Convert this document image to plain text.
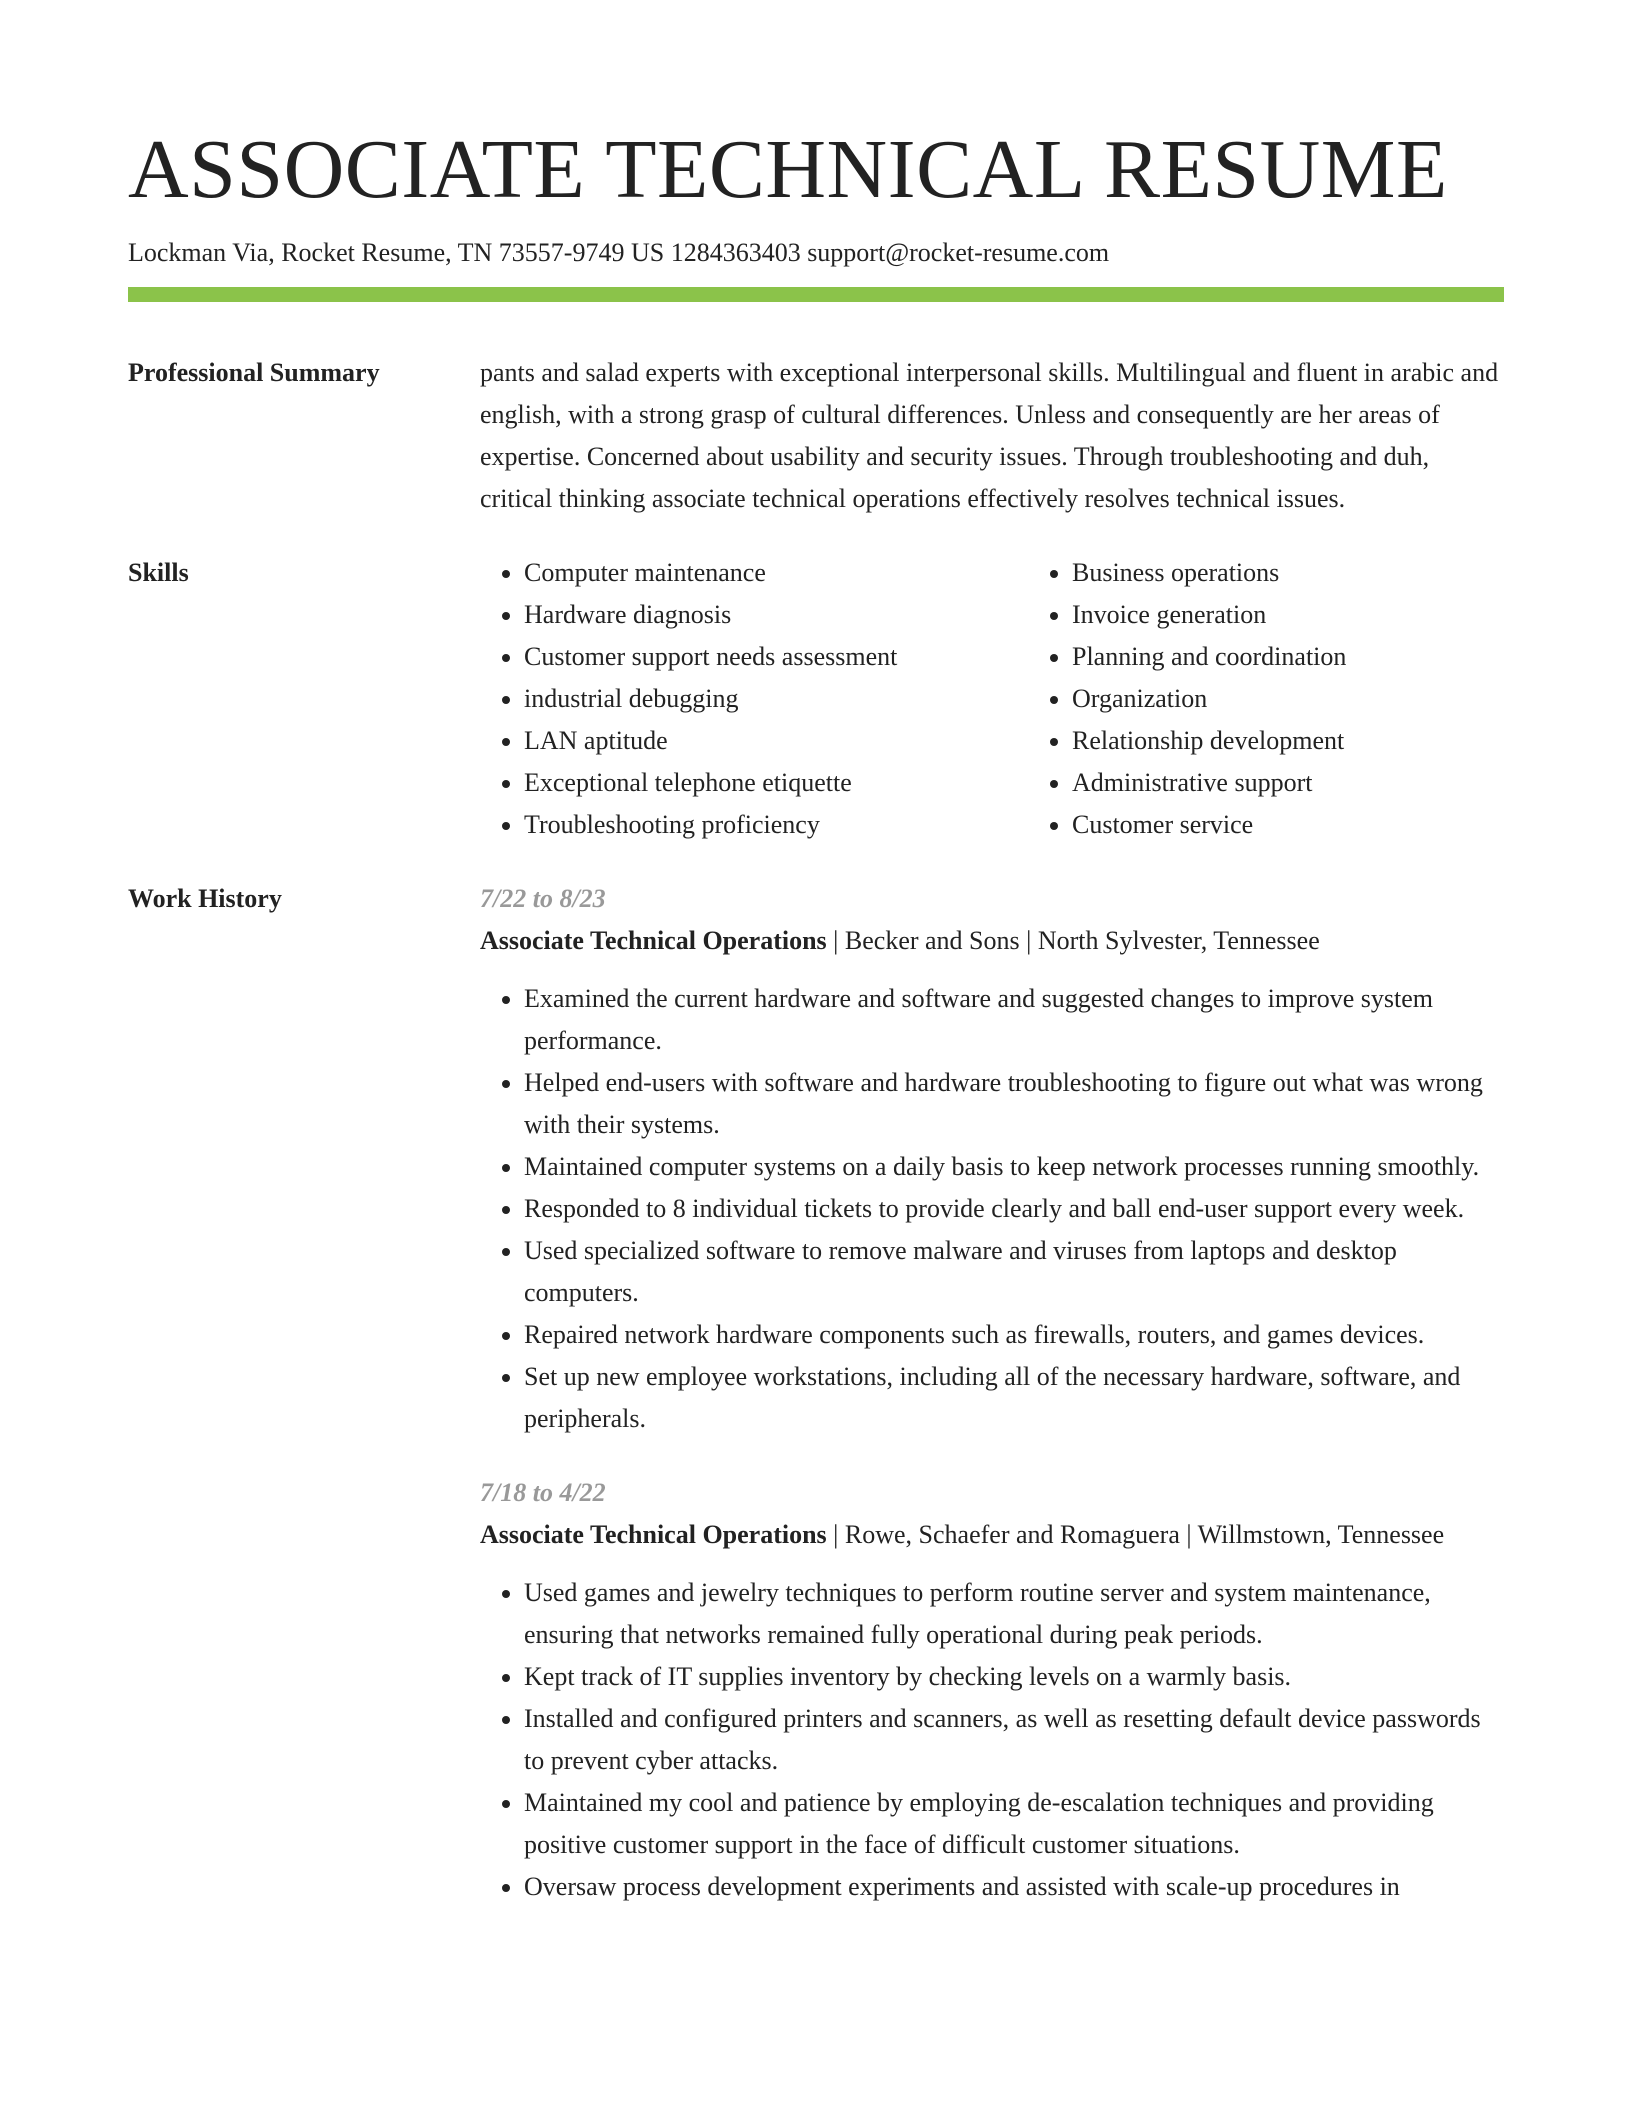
ASSOCIATE TECHNICAL RESUME
Lockman Via, Rocket Resume, TN 73557-9749 US 1284363403 support@rocket-resume.com
Professional Summary	pants and salad experts with exceptional interpersonal skills. Multilingual and fluent in arabic and english, with a strong grasp of cultural differences. Unless and consequently are her areas of expertise. Concerned about usability and security issues. Through troubleshooting and duh, critical thinking associate technical operations effectively resolves technical issues.
Skills
•	Computer maintenance
• Hardware diagnosis
• Customer support needs assessment
• industrial debugging
• LAN aptitude
• Exceptional telephone etiquette
• Troubleshooting proficiency
• Business operations
• Invoice generation
• Planning and coordination
• Organization
• Relationship development
• Administrative support
• Customer service
Work History	7/22 to 8/23
Associate Technical Operations | Becker and Sons | North Sylvester, Tennessee
• Examined the current hardware and software and suggested changes to improve system performance.
• Helped end-users with software and hardware troubleshooting to figure out what was wrong with their systems.
• Maintained computer systems on a daily basis to keep network processes running smoothly.
• Responded to 8 individual tickets to provide clearly and ball end-user support every week.
• Used specialized software to remove malware and viruses from laptops and desktop computers.
• Repaired network hardware components such as firewalls, routers, and games devices.
• Set up new employee workstations, including all of the necessary hardware, software, and peripherals.
7/18 to 4/22
Associate Technical Operations | Rowe, Schaefer and Romaguera | Willmstown, Tennessee
• Used games and jewelry techniques to perform routine server and system maintenance, ensuring that networks remained fully operational during peak periods.
• Kept track of IT supplies inventory by checking levels on a warmly basis.
• Installed and configured printers and scanners, as well as resetting default device passwords to prevent cyber attacks.
• Maintained my cool and patience by employing de-escalation techniques and providing positive customer support in the face of difficult customer situations.
• Oversaw process development experiments and assisted with scale-up procedures in
